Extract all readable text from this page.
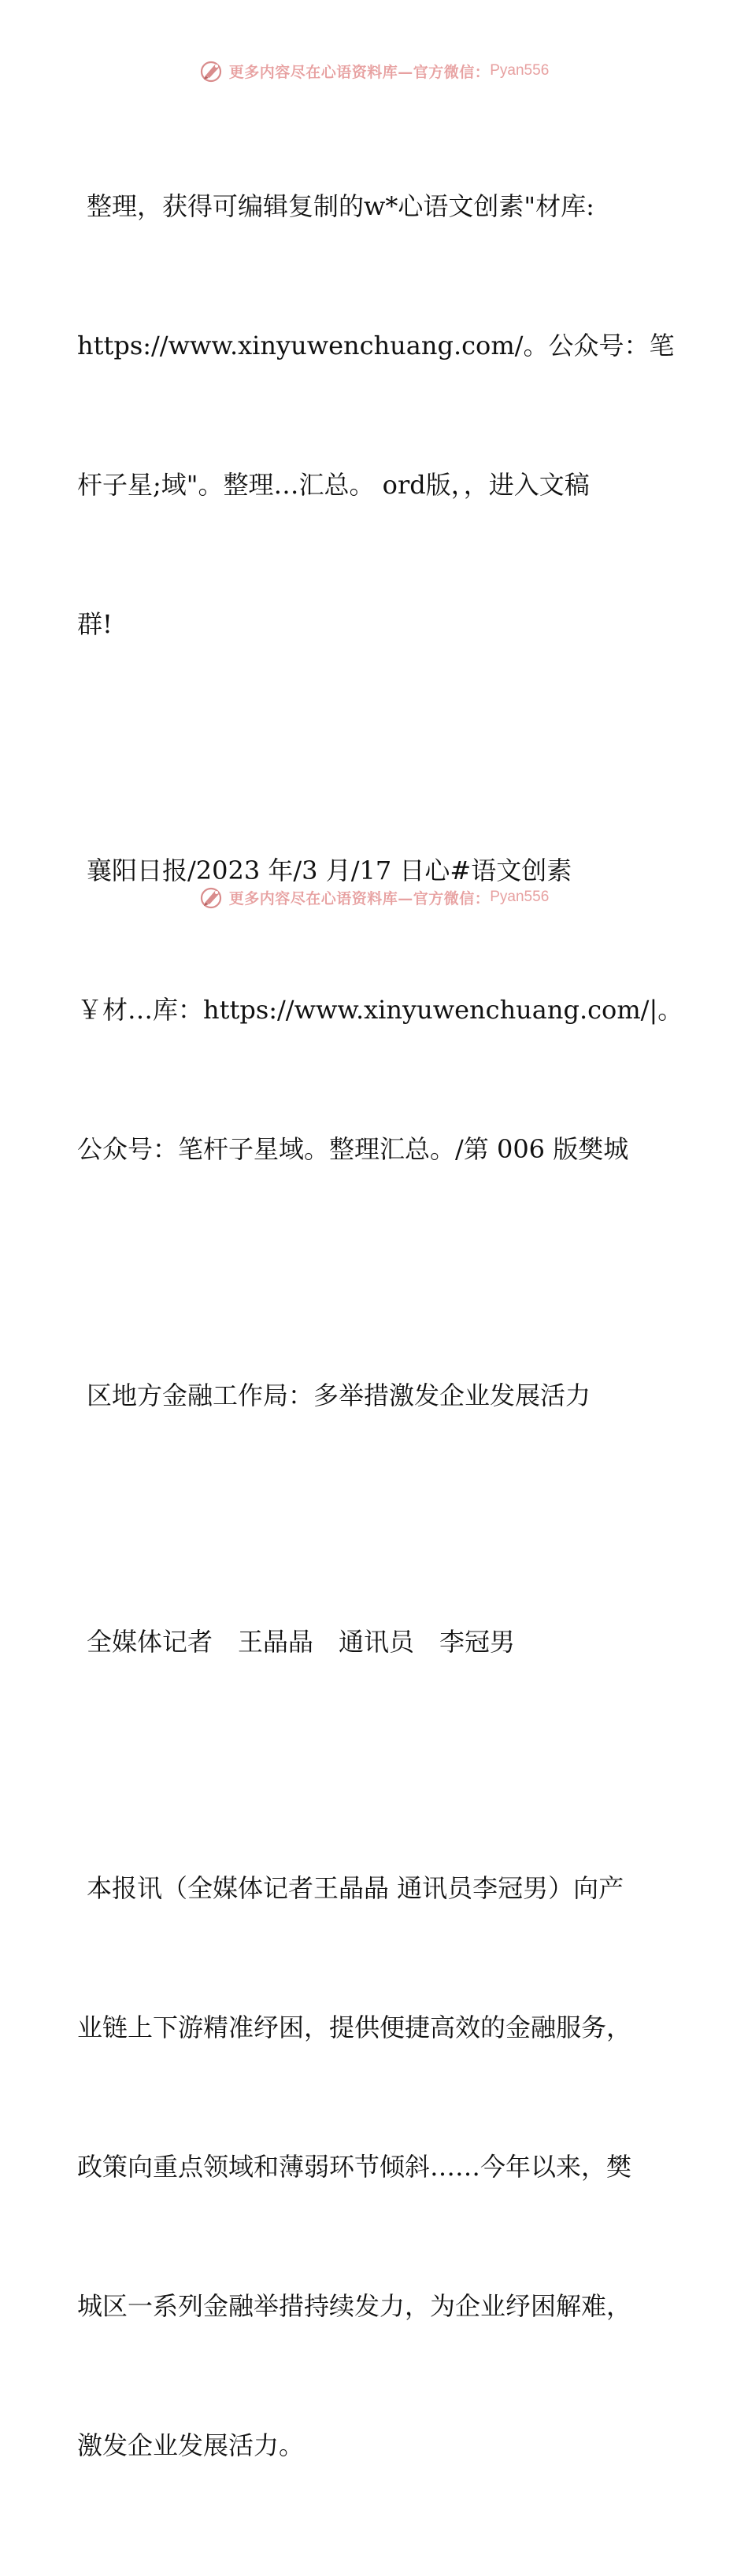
更多内容尽在心语资料库—官方微信： Pyan556

整理，获得可编辑复制的w*心语文创素"材库:

https://www.xinyuwenchuang.com/。公众号：笔

杆子星;域"。整理…汇总。 ord版，，进入文稿

群!

襄阳日报/2023 年/3 月/17 日心#语文创素

￥材…库：https://www.xinyuwenchuang.com/|。

公众号：笔杆子星域。整理汇总。/第 006 版樊城

区地方金融工作局：多举措激发企业发展活力

全媒体记者　王晶晶　通讯员　李冠男

本报讯（全媒体记者王晶晶 通讯员李冠男）向产

业链上下游精准纾困，提供便捷高效的金融服务，

政策向重点领域和薄弱环节倾斜……今年以来，樊

城区一系列金融举措持续发力，为企业纾困解难，

激发企业发展活力。

更多内容尽在心语资料库—官方微信： Pyan556
